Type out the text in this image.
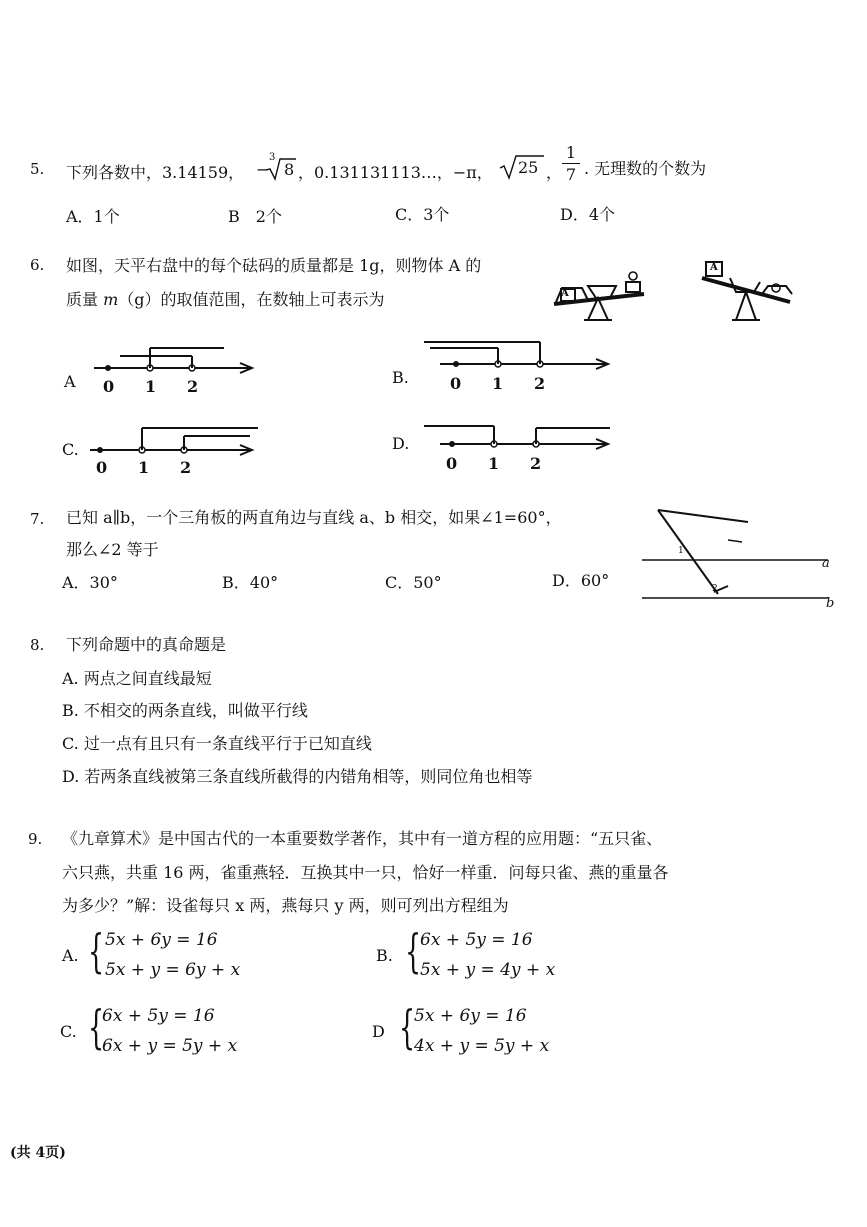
5. 下列各数中，3.14159， −
3
8 ，0.131131113…，−π， 25 ，
1
7 . 无理数的个数为
A．1个	B　2个	C．3个	D．4个
6. 如图，天平右盘中的每个砝码的质量都是 1g，则物体 A 的
质量 m（g）的取值范围，在数轴上可表示为	A
A
A 0 1 2	B.	0 1 2
C.
0 1 2
D.
0 1 2
7. 已知 a∥b，一个三角板的两直角边与直线 a、b 相交，如果∠1=60°，
那么∠2 等于
A．30°	B．40°	C．50°	D．60°
1
2
a
b
8. 下列命题中的真命题是
A. 两点之间直线最短
B. 不相交的两条直线，叫做平行线
C. 过一点有且只有一条直线平行于已知直线
D. 若两条直线被第三条直线所截得的内错角相等，则同位角也相等
9. 《九章算术》是中国古代的一本重要数学著作，其中有一道方程的应用题：“五只雀、
六只燕，共重 16 两，雀重燕轻．互换其中一只，恰好一样重．问每只雀、燕的重量各
为多少？”解：设雀每只 x 两，燕每只 y 两，则可列出方程组为
A. { 5x + 6y = 16
5x + y = 6y + x
B. {
6x + 5y = 16
5x + y = 4y + x
C. {
6x + 5y = 16
6x + y = 5y + x
D {
5x + 6y = 16
4x + y = 5y + x
(共 4页)
